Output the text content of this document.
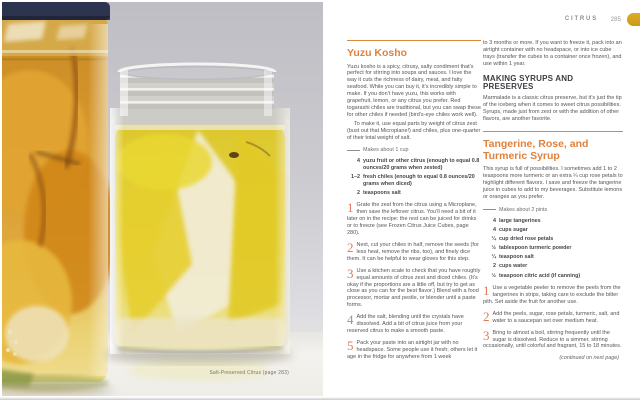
Salt-Preserved Citrus (page 283)
CITRUS 285
Yuzu Kosho

Yuzu kosho is a spicy, citrusy, salty condiment that’s perfect for stirring into soups and sauces. I love the way it cuts the richness of dairy, meat, and fatty seafood. While you can buy it, it’s incredibly simple to make. If you don’t have yuzu, this works with grapefruit, lemon, or any citrus you prefer. Red togarashi chiles are traditional, but you can swap these for other chiles if needed (bird’s-eye chiles work well).

To make it, use equal parts by weight of citrus zest (bust out that Microplane!) and chiles, plus one-quarter of their total weight of salt.

Makes about 1 cup
4 yuzu fruit or other citrus (enough to equal 0.8 ounces/20 grams when zested)
1–2 fresh chiles (enough to equal 0.8 ounces/20 grams when diced)
2 teaspoons salt
1 Grate the zest from the citrus using a Microplane, then save the leftover citrus. You’ll need a bit of it later on in the recipe: the rest can be juiced for drinks or to freeze (see Frozen Citrus Juice Cubes, page 280).

2 Next, cut your chiles in half, remove the seeds (for less heat, remove the ribs, too), and finely dice them. It can be helpful to wear gloves for this step.

3 Use a kitchen scale to check that you have roughly equal amounts of citrus zest and diced chiles. (It’s okay if the proportions are a little off, but try to get as close as you can for the best flavor.) Blend with a food processor, mortar and pestle, or blender until a paste forms.

4 Add the salt, blending until the crystals have dissolved. Add a bit of citrus juice from your reserved citrus to make a smooth paste.

5 Pack your paste into an airtight jar with no headspace. Some people use it fresh; others let it age in the fridge for anywhere from 1 week

to 3 months or more. If you want to freeze it, pack into an airtight container with no headspace, or into ice cube trays (transfer the cubes to a container once frozen), and use within 1 year.

MAKING SYRUPS AND PRESERVES

Marmalade is a classic citrus preserve, but it’s just the tip of the iceberg when it comes to sweet citrus possibilities. Syrups, made just from zest or with the addition of other flavors, are another favorite.

Tangerine, Rose, and Turmeric Syrup

This syrup is full of possibilities. I sometimes add 1 to 2 teaspoons more turmeric or an extra ¼ cup rose petals to highlight different flavors. I save and freeze the tangerine juice in cubes to add to my beverages. Substitute lemons or oranges as you prefer.

Makes about 2 pints
4 large tangerines
4 cups sugar
¼ cup dried rose petals
½ tablespoon turmeric powder
¼ teaspoon salt
2 cups water
½ teaspoon citric acid (if canning)
1 Use a vegetable peeler to remove the peels from the tangerines in strips, taking care to exclude the bitter pith. Set aside the fruit for another use.

2 Add the peels, sugar, rose petals, turmeric, salt, and water to a saucepan set over medium heat.

3 Bring to almost a boil, stirring frequently until the sugar is dissolved. Reduce to a simmer, stirring occasionally, until colorful and fragrant, 15 to 18 minutes.

(continued on next page)
